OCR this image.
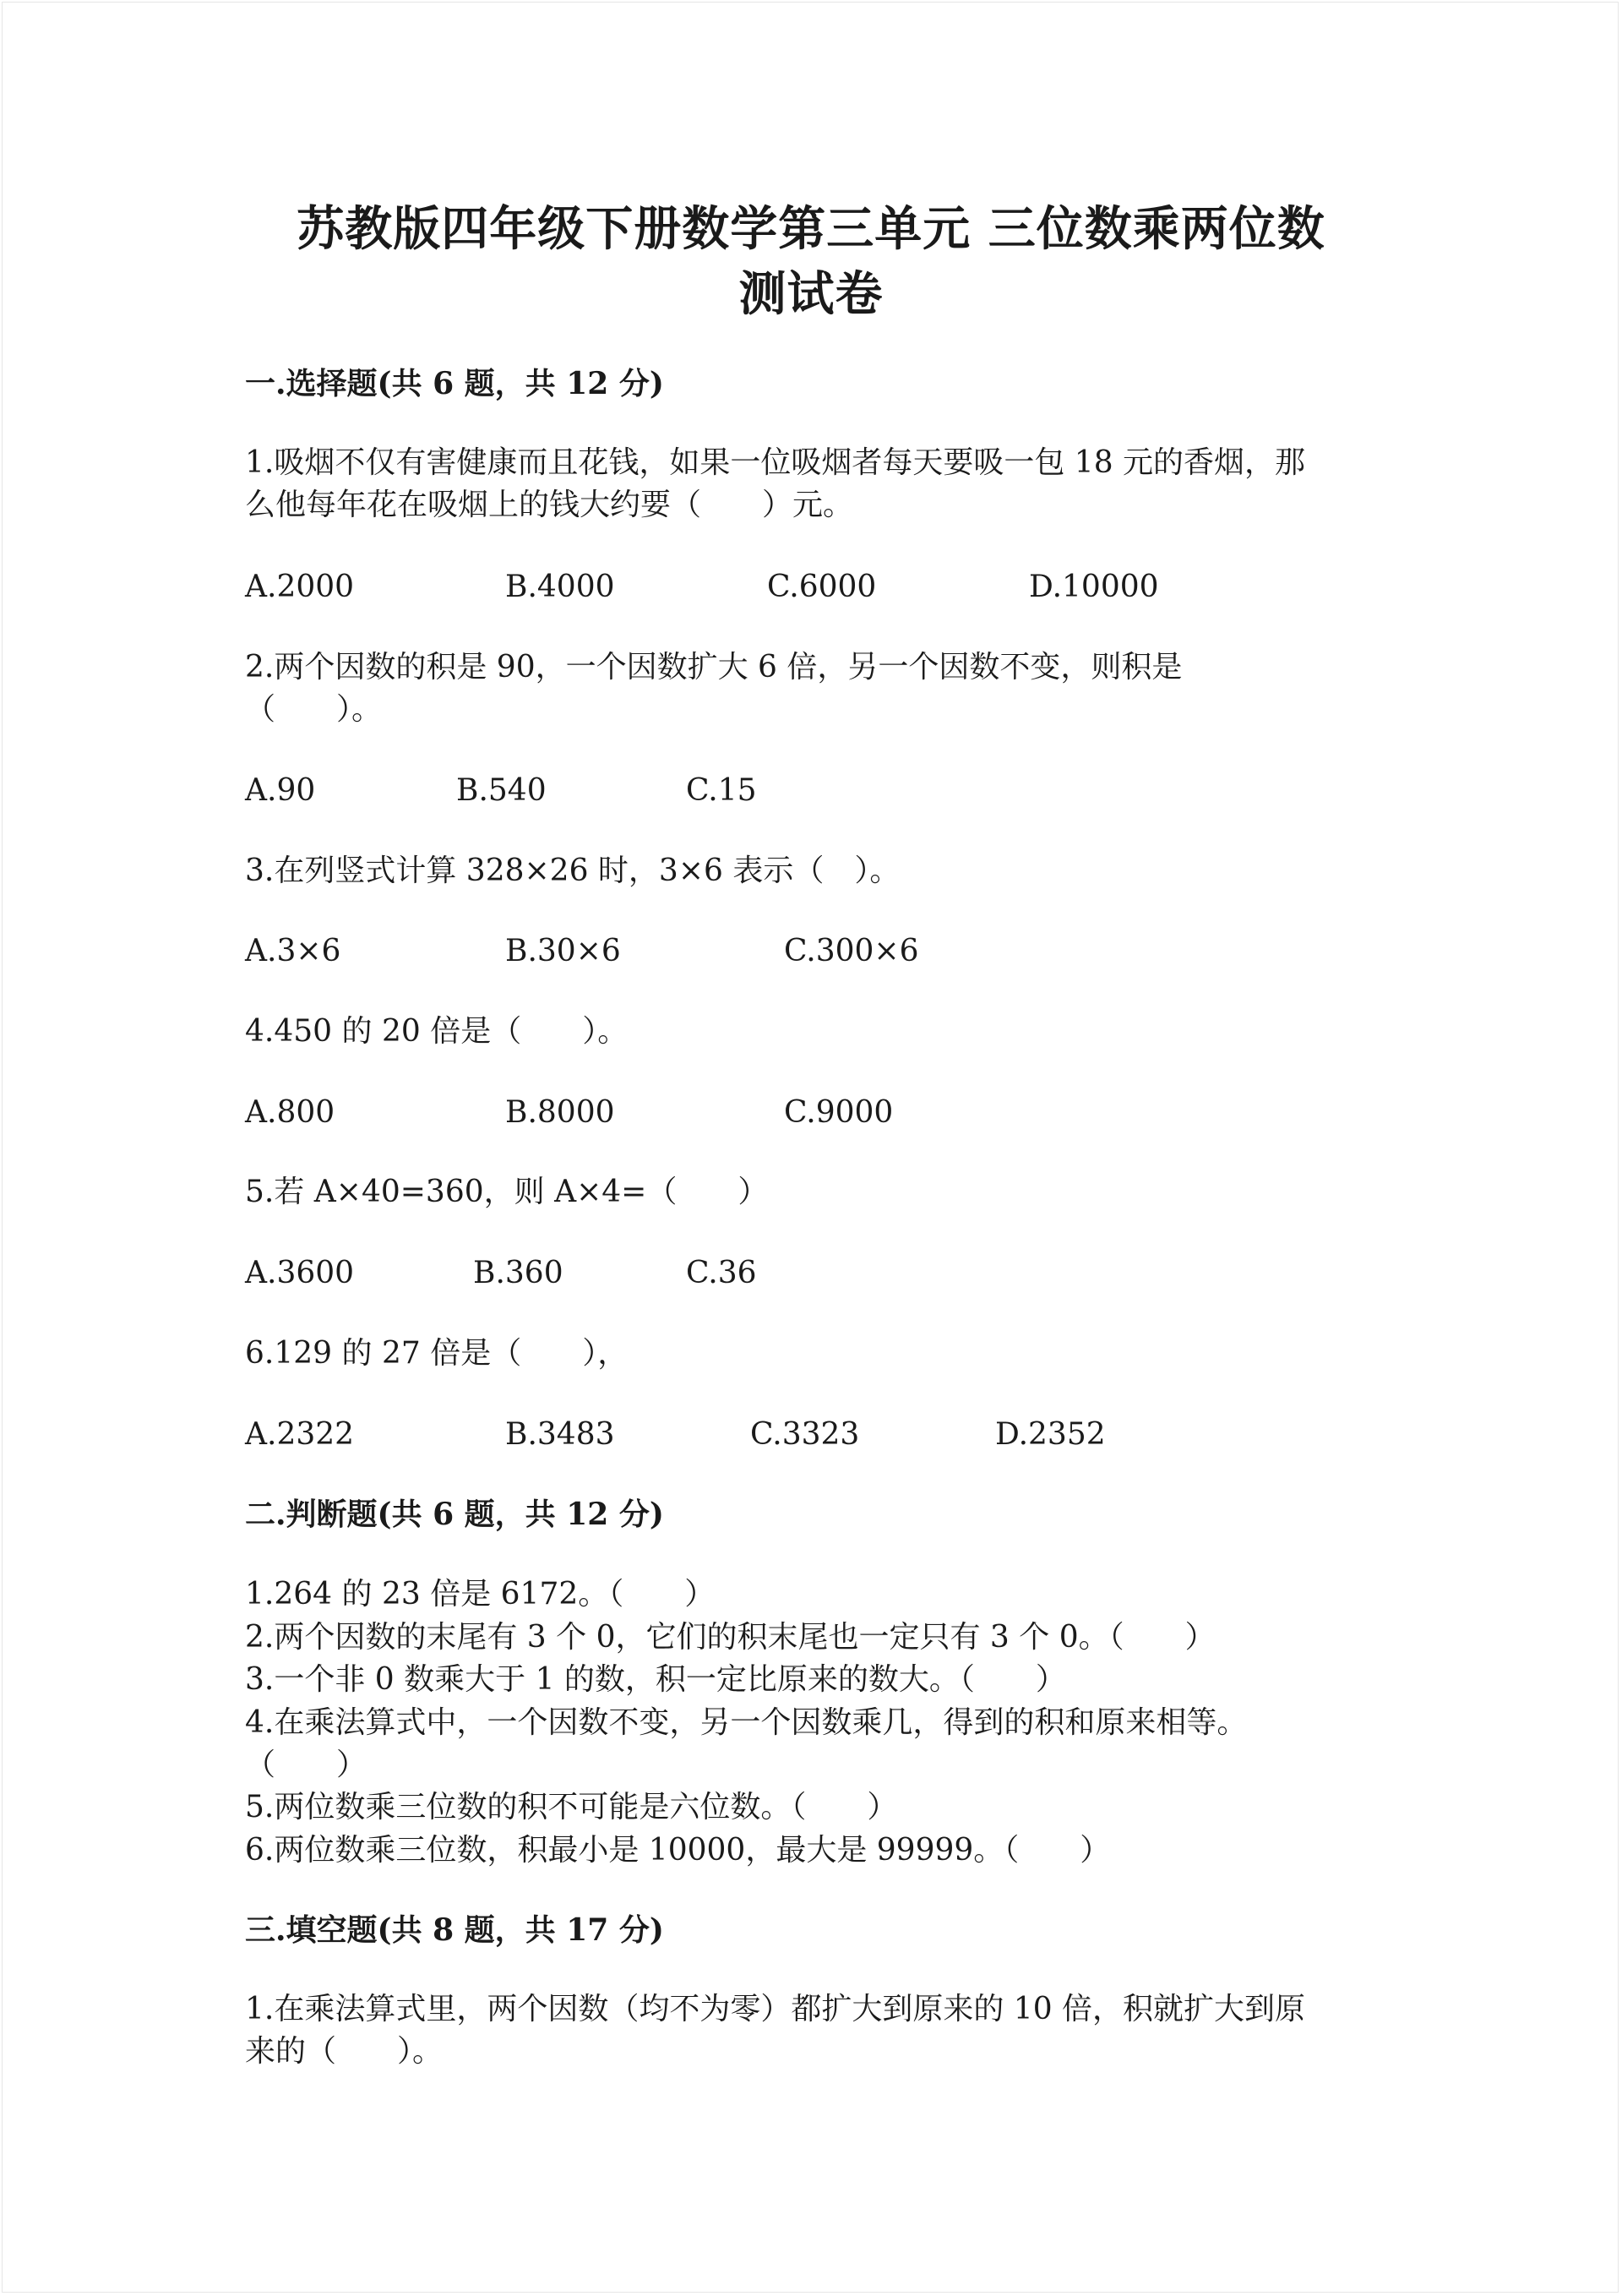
苏教版四年级下册数学第三单元 三位数乘两位数
测试卷
一.选择题(共 6 题，共 12 分)
1.吸烟不仅有害健康而且花钱，如果一位吸烟者每天要吸一包 18 元的香烟，那
么他每年花在吸烟上的钱大约要（　　）元。
A.2000	B.4000	C.6000	D.10000
2.两个因数的积是 90，一个因数扩大 6 倍，另一个因数不变，则积是
（　　）。
A.90	B.540	C.15
3.在列竖式计算 328×26 时，3×6 表示（　）。
A.3×6	B.30×6	C.300×6
4.450 的 20 倍是（　　）。
A.800	B.8000	C.9000
5.若 A×40=360，则 A×4=（　　）
A.3600	B.360	C.36
6.129 的 27 倍是（　　），
A.2322	B.3483	C.3323	D.2352
二.判断题(共 6 题，共 12 分)
1.264 的 23 倍是 6172。（　　）
2.两个因数的末尾有 3 个 0，它们的积末尾也一定只有 3 个 0。（　　）
3.一个非 0 数乘大于 1 的数，积一定比原来的数大。（　　）
4.在乘法算式中，一个因数不变，另一个因数乘几，得到的积和原来相等。
（　　）
5.两位数乘三位数的积不可能是六位数。（　　）
6.两位数乘三位数，积最小是 10000，最大是 99999。（　　）
三.填空题(共 8 题，共 17 分)
1.在乘法算式里，两个因数（均不为零）都扩大到原来的 10 倍，积就扩大到原
来的（　　）。
